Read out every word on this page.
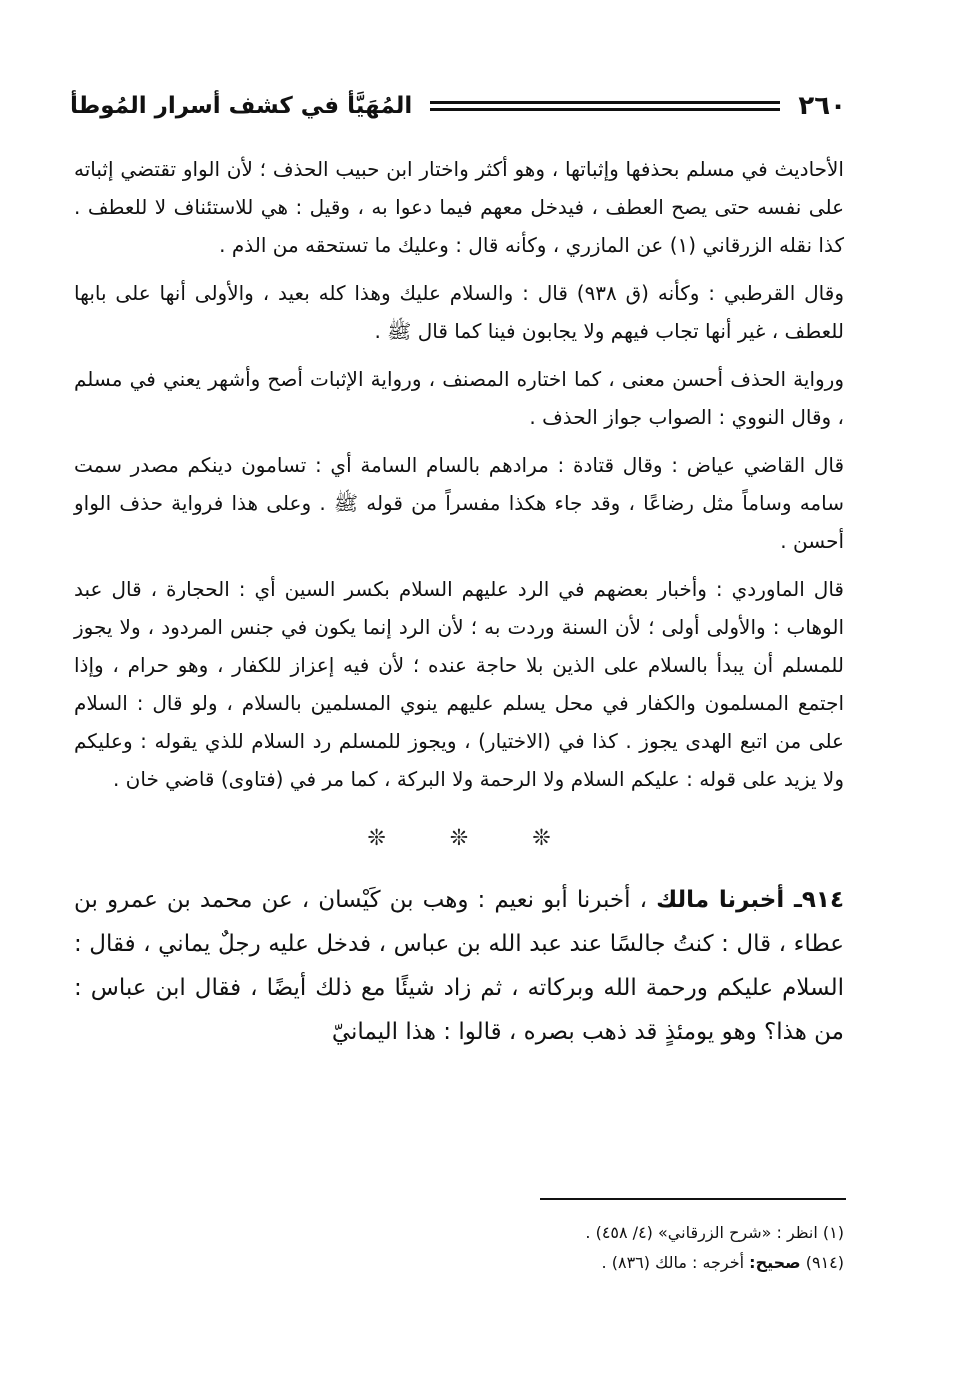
٢٦٠
المُهَيَّأ في كشف أسرار المُوطأ

الأحاديث في مسلم بحذفها وإثباتها ، وهو أكثر واختار ابن حبيب الحذف ؛ لأن الواو تقتضي إثباته على نفسه حتى يصح العطف ، فيدخل معهم فيما دعوا به ، وقيل : هي للاستئناف لا للعطف . كذا نقله الزرقاني (١) عن المازري ، وكأنه قال : وعليك ما تستحقه من الذم .

وقال القرطبي : وكأنه (ق ٩٣٨) قال : والسلام عليك وهذا كله بعيد ، والأولى أنها على بابها للعطف ، غير أنها تجاب فيهم ولا يجابون فينا كما قال ﷺ .

ورواية الحذف أحسن معنى ، كما اختاره المصنف ، ورواية الإثبات أصح وأشهر يعني في مسلم ، وقال النووي : الصواب جواز الحذف .

قال القاضي عياض : وقال قتادة : مرادهم بالسام السامة أي : تسامون دينكم مصدر سمت سامه وساماً مثل رضاعًا ، وقد جاء هكذا مفسراً من قوله ﷺ . وعلى هذا فرواية حذف الواو أحسن .

قال الماوردي : وأخبار بعضهم في الرد عليهم السلام بكسر السين أي : الحجارة ، قال عبد الوهاب : والأولى أولى ؛ لأن السنة وردت به ؛ لأن الرد إنما يكون في جنس المردود ، ولا يجوز للمسلم أن يبدأ بالسلام على الذين بلا حاجة عنده ؛ لأن فيه إعزاز للكفار ، وهو حرام ، وإذا اجتمع المسلمون والكفار في محل يسلم عليهم ينوي المسلمين بالسلام ، ولو قال : السلام على من اتبع الهدى يجوز . كذا في (الاختيار) ، ويجوز للمسلم رد السلام للذي يقوله : وعليكم ولا يزيد على قوله : عليكم السلام ولا الرحمة ولا البركة ، كما مر في (فتاوى) قاضي خان .

❊
❊
❊

٩١٤ـ أخبرنا مالك ، أخبرنا أبو نعيم : وهب بن كَيْسان ، عن محمد بن عمرو بن عطاء ، قال : كنتُ جالسًا عند عبد الله بن عباس ، فدخل عليه رجلٌ يماني ، فقال : السلام عليكم ورحمة الله وبركاته ، ثم زاد شيئًا مع ذلك أيضًا ، فقال ابن عباس : من هذا؟ وهو يومئذٍ قد ذهب بصره ، قالوا : هذا اليمانيّ

(١) انظر : «شرح الزرقاني» (٤/ ٤٥٨) .

(٩١٤) صحيح: أخرجه : مالك (٨٣٦) .
